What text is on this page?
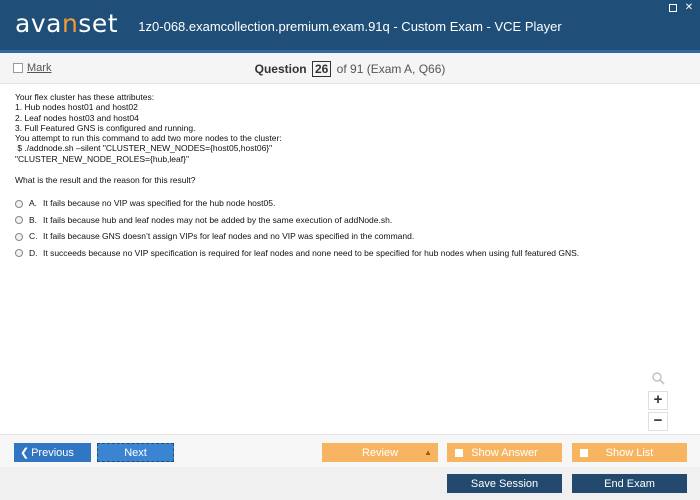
avanset	1z0-068.examcollection.premium.exam.91q - Custom Exam - VCE Player
✕
Mark	Question 26 of 91 (Exam A, Q66)
Your flex cluster has these attributes:
1. Hub nodes host01 and host02
2. Leaf nodes host03 and host04
3. Full Featured GNS is configured and running.
You attempt to run this command to add two more nodes to the cluster:
$ ./addnode.sh –silent "CLUSTER_NEW_NODES={host05,host06}"
"CLUSTER_NEW_NODE_ROLES={hub,leaf}"
What is the result and the reason for this result?
A. It fails because no VIP was specified for the hub node host05.
B. It fails because hub and leaf nodes may not be added by the same execution of addNode.sh.
C. It fails because GNS doesn’t assign VIPs for leaf nodes and no VIP was specified in the command.
D. It succeeds because no VIP specification is required for leaf nodes and none need to be specified for hub nodes when using full featured GNS.
+
−
❮ Previous	Next	Review	▲	Show Answer	Show List
Save Session	End Exam
